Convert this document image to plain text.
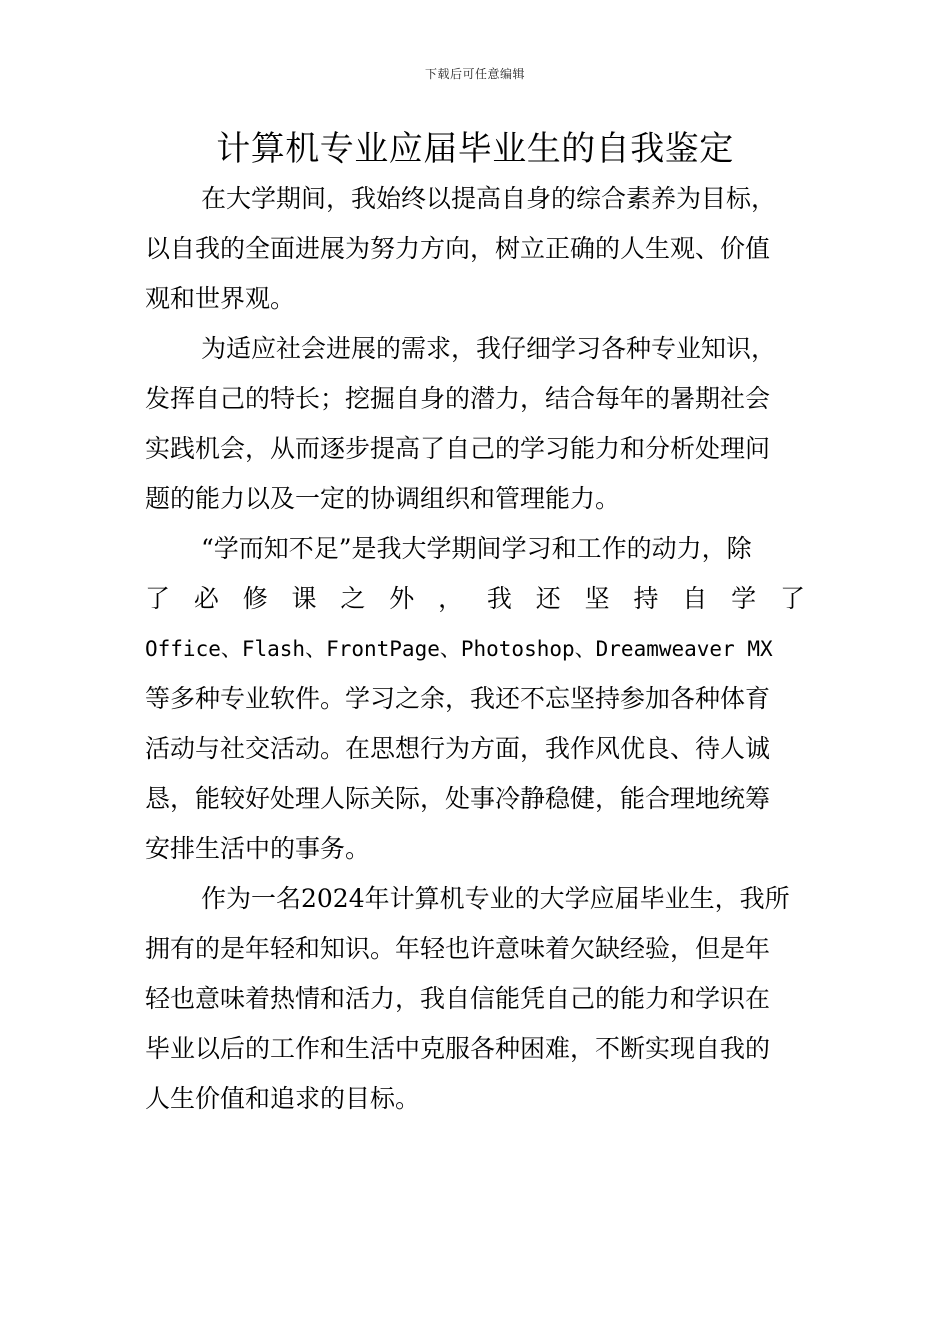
下载后可任意编辑
计算机专业应届毕业生的自我鉴定
在大学期间，我始终以提高自身的综合素养为目标，
以自我的全面进展为努力方向，树立正确的人生观、价值
观和世界观。
为适应社会进展的需求，我仔细学习各种专业知识，
发挥自己的特长；挖掘自身的潜力，结合每年的暑期社会
实践机会，从而逐步提高了自己的学习能力和分析处理问
题的能力以及一定的协调组织和管理能力。
“学而知不足”是我大学期间学习和工作的动力，除
了 必 修 课 之 外 ， 我 还 坚 持 自 学 了
Office、Flash、FrontPage、Photoshop、Dreamweaver MX
等多种专业软件。学习之余，我还不忘坚持参加各种体育
活动与社交活动。在思想行为方面，我作风优良、待人诚
恳，能较好处理人际关际，处事冷静稳健，能合理地统筹
安排生活中的事务。
作为一名2024年计算机专业的大学应届毕业生，我所
拥有的是年轻和知识。年轻也许意味着欠缺经验，但是年
轻也意味着热情和活力，我自信能凭自己的能力和学识在
毕业以后的工作和生活中克服各种困难，不断实现自我的
人生价值和追求的目标。
